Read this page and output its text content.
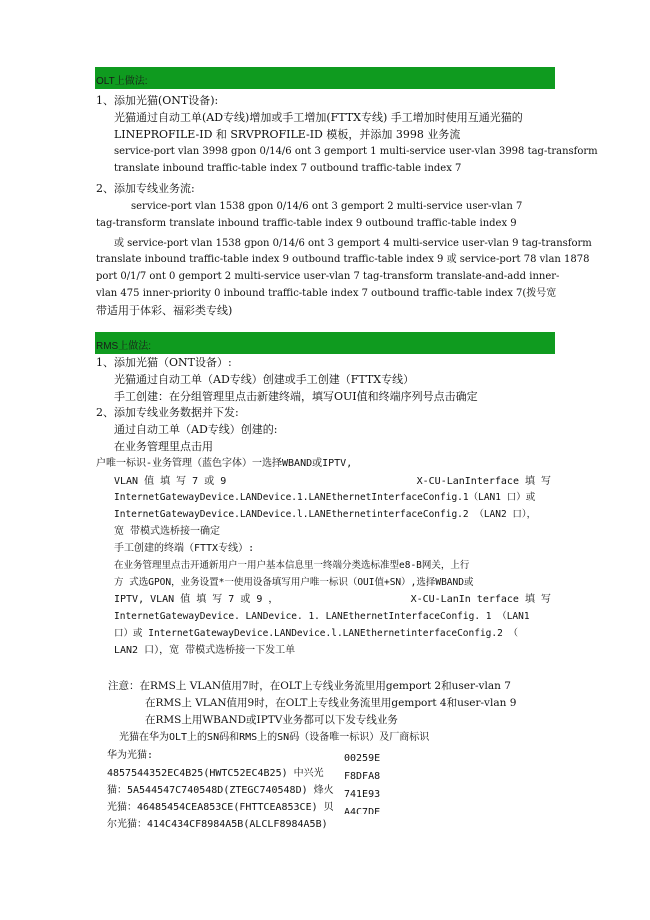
OLT上做法:
1、添加光猫(ONT设备):
光猫通过自动工单(AD专线)增加或手工增加(FTTX专线) 手工增加时使用互通光猫的
LINEPROFILE-ID 和 SRVPROFILE-ID 模板，并添加 3998 业务流
service-port vlan 3998 gpon 0/14/6 ont 3 gemport 1 multi-service user-vlan 3998 tag-transform
translate inbound traffic-table index 7 outbound traffic-table index 7
2、添加专线业务流:
service-port vlan 1538 gpon 0/14/6 ont 3 gemport 2 multi-service user-vlan 7
tag-transform translate inbound traffic-table index 9 outbound traffic-table index 9
或 service-port vlan 1538 gpon 0/14/6 ont 3 gemport 4 multi-service user-vlan 9 tag-transform
translate inbound traffic-table index 9 outbound traffic-table index 9 或 service-port 78 vlan 1878
port 0/1/7 ont 0 gemport 2 multi-service user-vlan 7 tag-transform translate-and-add inner-
vlan 475 inner-priority 0 inbound traffic-table index 7 outbound traffic-table index 7(拨号宽
带适用于体彩、福彩类专线)
RMS上做法:
1、添加光猫（ONT设备）:
光猫通过自动工单（AD专线）创建或手工创建（FTTX专线）
手工创建：在分组管理里点击新建终端，填写OUI值和终端序列号点击确定
2、添加专线业务数据并下发:
通过自动工单（AD专线）创建的:
在业务管理里点击用
户唯一标识-业务管理（蓝色字体）一选择WBAND或IPTV,
VLAN 值 填 写 7 或 9	X-CU-LanInterface 填 写
InternetGatewayDevice.LANDevice.1.LANEthernetInterfaceConfig.1（LAN1 口）或
InternetGatewayDevice.LANDevice.l.LANEthernetinterfaceConfig.2 （LAN2 口），
宽 带模式选桥接一确定
手工创建的终端（FTTX专线）:
在业务管理里点击开通新用户一用户基本信息里一终端分类选标准型e8-B网关，上行
方 式选GPON，业务设置*一使用设备填写用户唯一标识（OUI值+SN）,选择WBAND或
IPTV, VLAN 值 填 写 7 或 9 ，	X-CU-LanIn terface 填 写
InternetGatewayDevice. LANDevice. 1. LANEthernetInterfaceConfig. 1 （LAN1
口）或 InternetGatewayDevice.LANDevice.l.LANEthernetinterfaceConfig.2 （
LAN2 口），宽 带模式选桥接一下发工单
注意：在RMS上 VLAN值用7时，在OLT上专线业务流里用gemport 2和user-vlan 7
在RMS上 VLAN值用9时，在OLT上专线业务流里用gemport 4和user-vlan 9
在RMS上用WBAND或IPTV业务都可以下发专线业务
光猫在华为OLT上的SN码和RMS上的SN码（设备唯一标识）及厂商标识
华为光猫:
4857544352EC4B25(HWTC52EC4B25) 中兴光
猫：5A544547C740548D(ZTEGC740548D) 烽火
光猫：46485454CEA853CE(FHTTCEA853CE) 贝
尔光猫：414C434CF8984A5B(ALCLF8984A5B)
00259E
F8DFA8
741E93
A4C7DE
